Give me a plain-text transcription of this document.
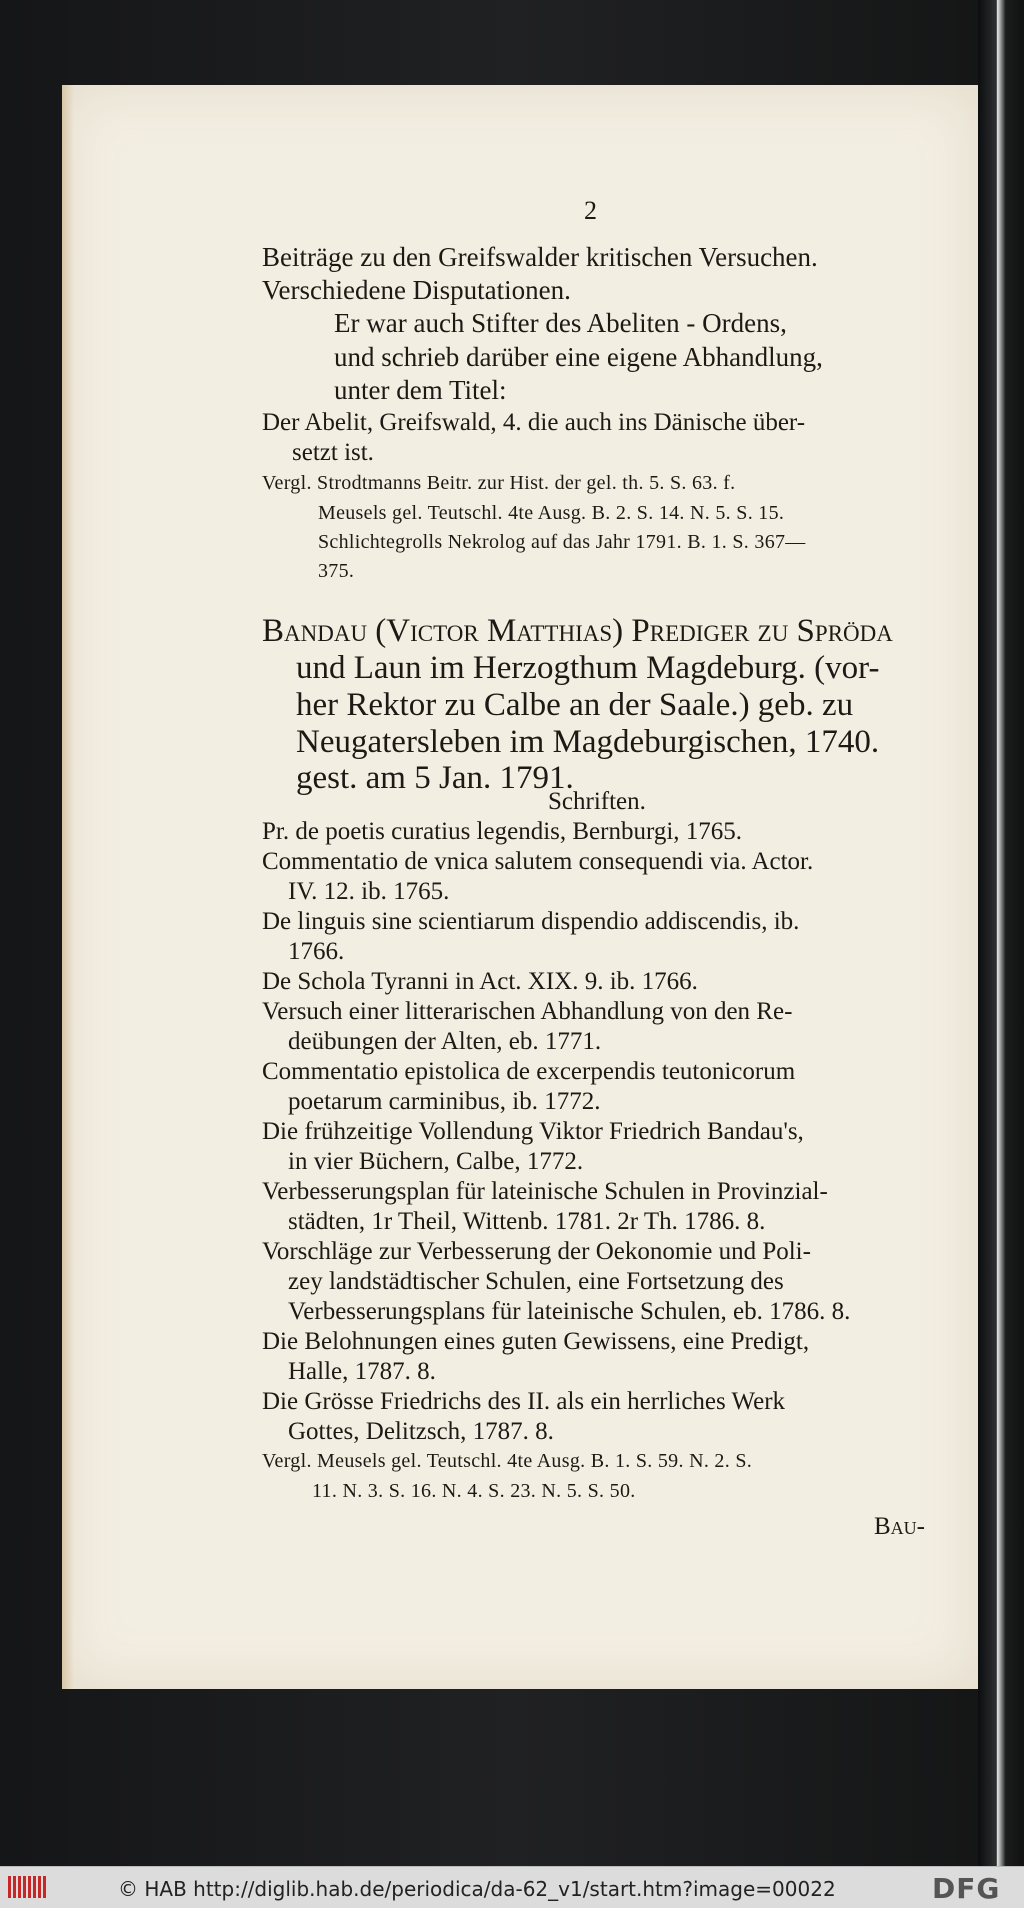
2
Beiträge zu den Greifswalder kritischen Versuchen.
Verschiedene Disputationen.
Er war auch Stifter des Abeliten - Ordens,
und schrieb darüber eine eigene Abhandlung,
unter dem Titel:
Der Abelit, Greifswald, 4. die auch ins Dänische über-
setzt ist.
Vergl. Strodtmanns Beitr. zur Hist. der gel. th. 5. S. 63. f.
Meusels gel. Teutschl. 4te Ausg. B. 2. S. 14. N. 5. S. 15.
Schlichtegrolls Nekrolog auf das Jahr 1791. B. 1. S. 367—
375.
Bandau (Victor Matthias) Prediger zu Spröda
und Laun im Herzogthum Magdeburg. (vor-
her Rektor zu Calbe an der Saale.) geb. zu
Neugatersleben im Magdeburgischen, 1740.
gest. am 5 Jan. 1791.
Schriften.
Pr. de poetis curatius legendis, Bernburgi, 1765.
Commentatio de vnica salutem consequendi via. Actor.
IV. 12. ib. 1765.
De linguis sine scientiarum dispendio addiscendis, ib.
1766.
De Schola Tyranni in Act. XIX. 9. ib. 1766.
Versuch einer litterarischen Abhandlung von den Re-
deübungen der Alten, eb. 1771.
Commentatio epistolica de excerpendis teutonicorum
poetarum carminibus, ib. 1772.
Die frühzeitige Vollendung Viktor Friedrich Bandau's,
in vier Büchern, Calbe, 1772.
Verbesserungsplan für lateinische Schulen in Provinzial-
städten, 1r Theil, Wittenb. 1781. 2r Th. 1786. 8.
Vorschläge zur Verbesserung der Oekonomie und Poli-
zey landstädtischer Schulen, eine Fortsetzung des
Verbesserungsplans für lateinische Schulen, eb. 1786. 8.
Die Belohnungen eines guten Gewissens, eine Predigt,
Halle, 1787. 8.
Die Grösse Friedrichs des II. als ein herrliches Werk
Gottes, Delitzsch, 1787. 8.
Vergl. Meusels gel. Teutschl. 4te Ausg. B. 1. S. 59. N. 2. S.
11. N. 3. S. 16. N. 4. S. 23. N. 5. S. 50.
Bau-
© HAB http://diglib.hab.de/periodica/da-62_v1/start.htm?image=00022	DFG
